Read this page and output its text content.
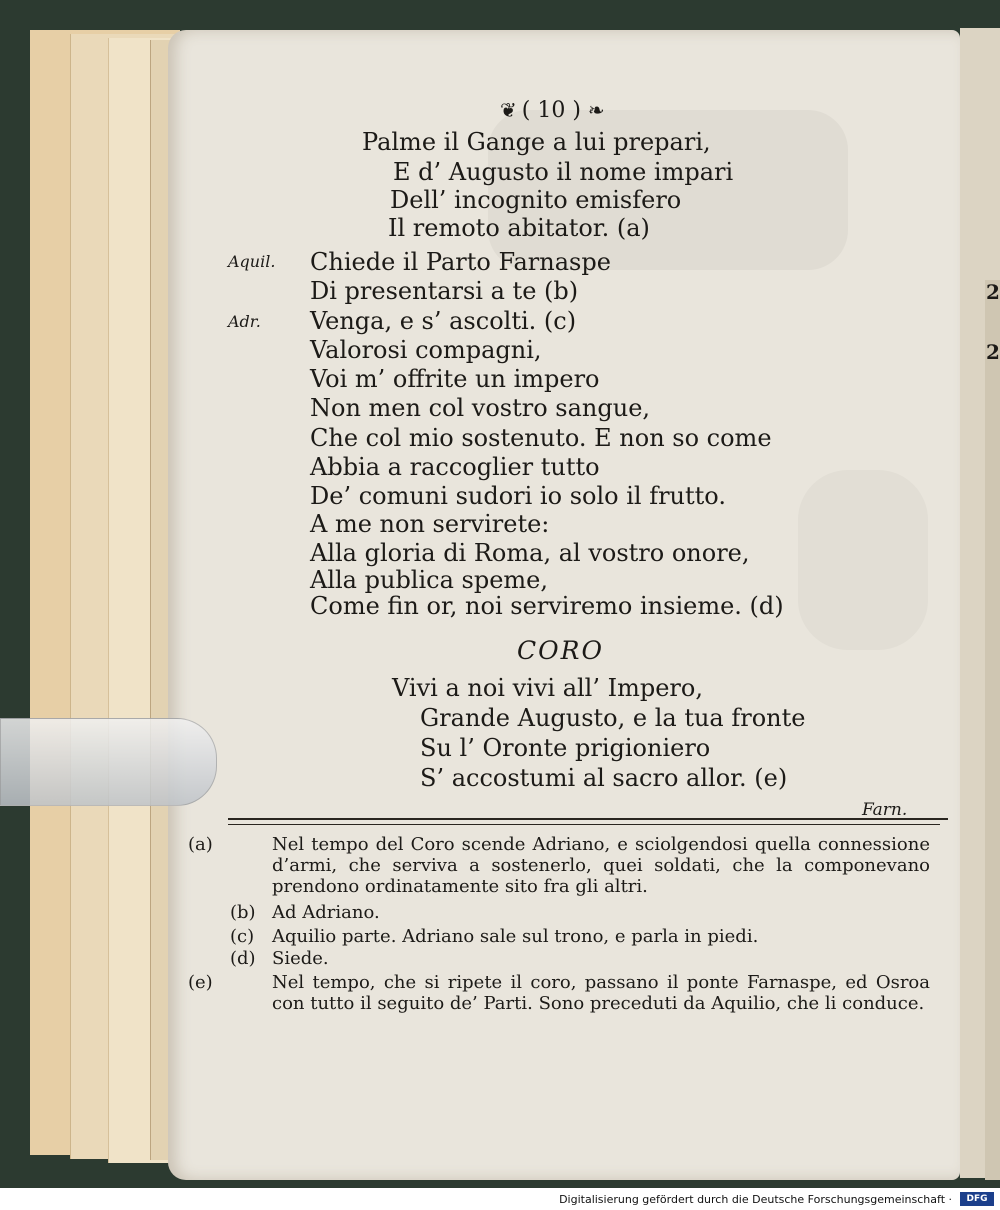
❦ ( 10 ) ❧
Palme il Gange a lui prepari,
E d’ Augusto il nome impari
Dell’ incognito emisfero
Il remoto abitator. (a)
Aquil. Chiede il Parto Farnaspe
Di presentarsi a te (b)
Adr. Venga, e s’ ascolti. (c)
Valorosi compagni,
Voi m’ offrite un impero
Non men col vostro sangue,
Che col mio sostenuto. E non so come
Abbia a raccoglier tutto
De’ comuni sudori io solo il frutto.
A me non servirete:
Alla gloria di Roma, al vostro onore,
Alla publica speme,
Come fin or, noi serviremo insieme. (d)
CORO
Vivi a noi vivi all’ Impero,
Grande Augusto, e la tua fronte
Su l’ Oronte prigioniero
S’ accostumi al sacro allor. (e)
Farn.
(a)	Nel tempo del Coro scende Adriano, e sciolgendosi quella connessione d’armi, che serviva a sostenerlo, quei soldati, che la componevano prendono ordinatamente sito fra gli altri.
(b) Ad Adriano.
(c) Aquilio parte. Adriano sale sul trono, e parla in piedi.
(d) Siede.
(e)	Nel tempo, che si ripete il coro, passano il ponte Farnaspe, ed Osroa con tutto il seguito de’ Parti. Sono preceduti da Aquilio, che li conduce.
2
2
Digitalisierung gefördert durch die Deutsche Forschungsgemeinschaft ·	DFG
